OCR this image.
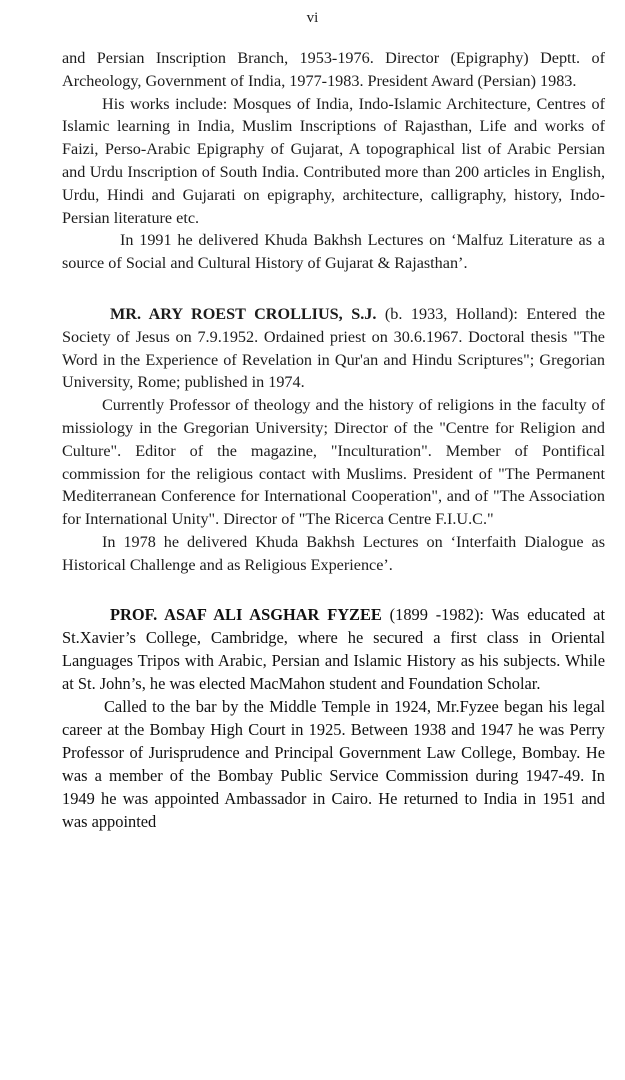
vi

and Persian Inscription Branch, 1953-1976. Director (Epigraphy) Deptt. of Archeology, Government of India, 1977-1983. President Award (Persian) 1983.

His works include: Mosques of India, Indo-Islamic Architecture, Centres of Islamic learning in India, Muslim Inscriptions of Rajasthan, Life and works of Faizi, Perso-Arabic Epigraphy of Gujarat, A topographical list of Arabic Persian and Urdu Inscription of South India. Contributed more than 200 articles in English, Urdu, Hindi and Gujarati on epigraphy, architecture, calligraphy, history, Indo-Persian literature etc.

In 1991 he delivered Khuda Bakhsh Lectures on ‘Malfuz Literature as a source of Social and Cultural History of Gujarat & Rajasthan’.

MR. ARY ROEST CROLLIUS, S.J. (b. 1933, Holland): Entered the Society of Jesus on 7.9.1952. Ordained priest on 30.6.1967. Doctoral thesis "The Word in the Experience of Revelation in Qur'an and Hindu Scriptures"; Gregorian University, Rome; published in 1974.

Currently Professor of theology and the history of religions in the faculty of missiology in the Gregorian University; Director of the "Centre for Religion and Culture". Editor of the magazine, "Inculturation". Member of Pontifical commission for the religious contact with Muslims. President of "The Permanent Mediterranean Conference for International Cooperation", and of "The Association for International Unity". Director of "The Ricerca Centre F.I.U.C."

In 1978 he delivered Khuda Bakhsh Lectures on ‘Interfaith Dialogue as Historical Challenge and as Religious Experience’.

PROF. ASAF ALI ASGHAR FYZEE (1899 -1982): Was educated at St.Xavier’s College, Cambridge, where he secured a first class in Oriental Languages Tripos with Arabic, Persian and Islamic History as his subjects. While at St. John’s, he was elected MacMahon student and Foundation Scholar.

Called to the bar by the Middle Temple in 1924, Mr.Fyzee began his legal career at the Bombay High Court in 1925. Between 1938 and 1947 he was Perry Professor of Jurisprudence and Principal Government Law College, Bombay. He was a member of the Bombay Public Service Commission during 1947-49. In 1949 he was appointed Ambassador in Cairo. He returned to India in 1951 and was appointed
